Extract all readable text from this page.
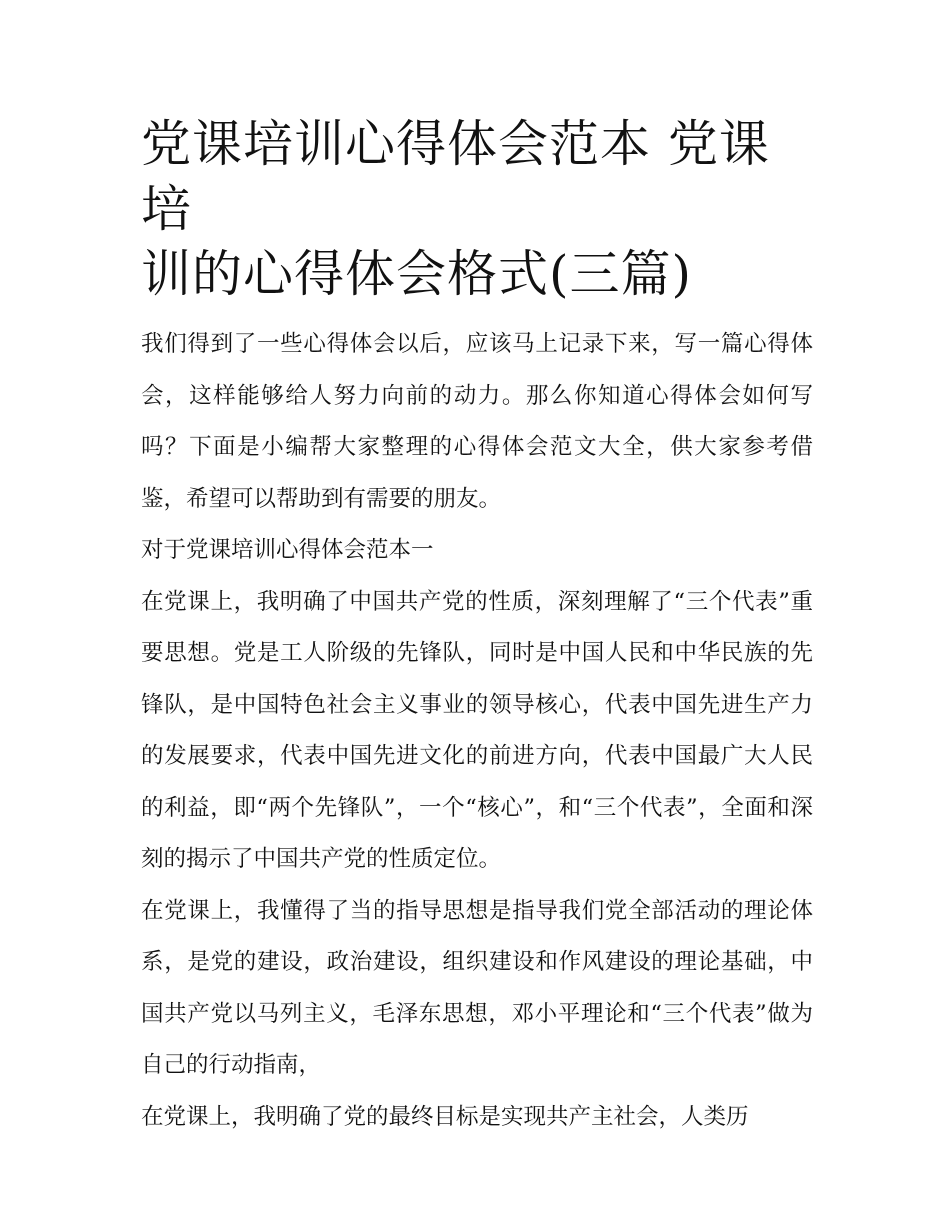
党课培训心得体会范本 党课培
训的心得体会格式(三篇)

我们得到了一些心得体会以后，应该马上记录下来，写一篇心得体会，这样能够给人努力向前的动力。那么你知道心得体会如何写吗？下面是小编帮大家整理的心得体会范文大全，供大家参考借鉴，希望可以帮助到有需要的朋友。

对于党课培训心得体会范本一

在党课上，我明确了中国共产党的性质，深刻理解了“三个代表”重要思想。党是工人阶级的先锋队，同时是中国人民和中华民族的先锋队，是中国特色社会主义事业的领导核心，代表中国先进生产力的发展要求，代表中国先进文化的前进方向，代表中国最广大人民的利益，即“两个先锋队”，一个“核心”，和“三个代表”，全面和深刻的揭示了中国共产党的性质定位。

在党课上，我懂得了当的指导思想是指导我们党全部活动的理论体系，是党的建设，政治建设，组织建设和作风建设的理论基础，中国共产党以马列主义，毛泽东思想，邓小平理论和“三个代表”做为自己的行动指南，

在党课上，我明确了党的最终目标是实现共产主社会，人类历
